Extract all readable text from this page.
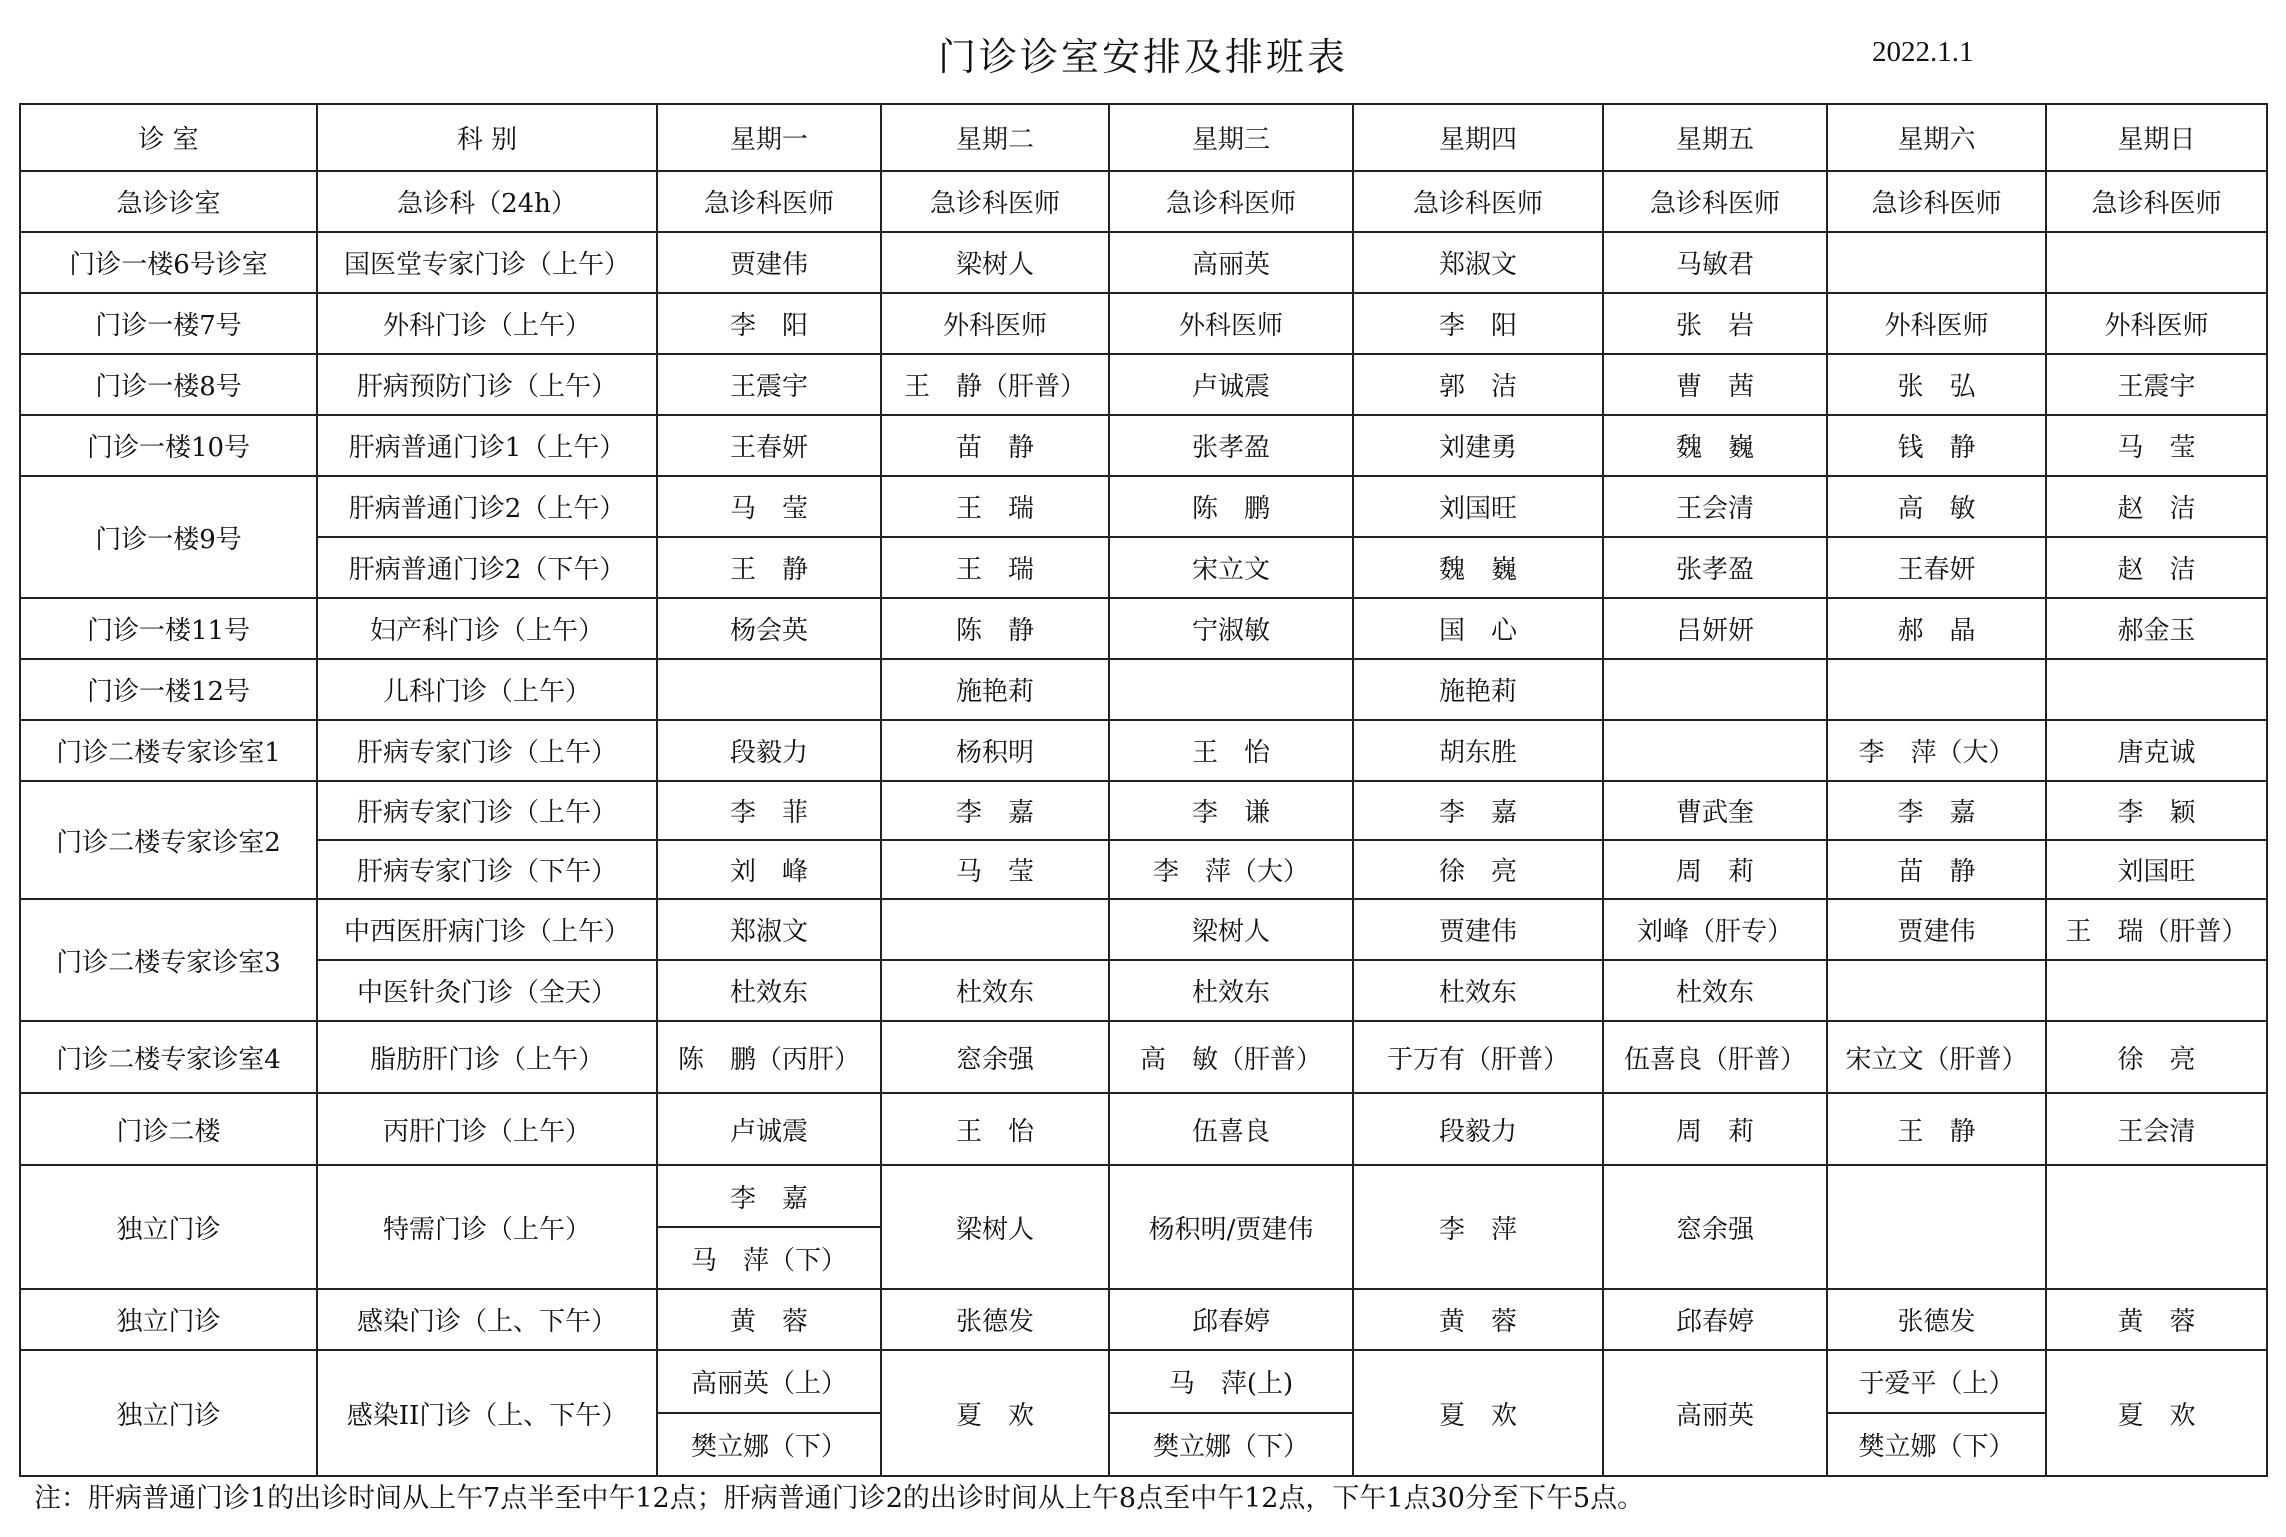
门诊诊室安排及排班表	2022.1.1
诊 室	科 别	星期一	星期二	星期三	星期四	星期五	星期六	星期日
急诊诊室	急诊科（24h）	急诊科医师	急诊科医师	急诊科医师	急诊科医师	急诊科医师	急诊科医师	急诊科医师
门诊一楼6号诊室	国医堂专家门诊（上午）	贾建伟	梁树人	高丽英	郑淑文	马敏君		
门诊一楼7号	外科门诊（上午）	李　阳	外科医师	外科医师	李　阳	张　岩	外科医师	外科医师
门诊一楼8号	肝病预防门诊（上午）	王震宇	王　静（肝普）	卢诚震	郭　洁	曹　茜	张　弘	王震宇
门诊一楼10号	肝病普通门诊1（上午）	王春妍	苗　静	张孝盈	刘建勇	魏　巍	钱　静	马　莹
门诊一楼9号	肝病普通门诊2（上午）	马　莹	王　瑞	陈　鹏	刘国旺	王会清	高　敏	赵　洁
	肝病普通门诊2（下午）	王　静	王　瑞	宋立文	魏　巍	张孝盈	王春妍	赵　洁
门诊一楼11号	妇产科门诊（上午）	杨会英	陈　静	宁淑敏	国　心	吕妍妍	郝　晶	郝金玉
门诊一楼12号	儿科门诊（上午）		施艳莉		施艳莉			
门诊二楼专家诊室1	肝病专家门诊（上午）	段毅力	杨积明	王　怡	胡东胜		李　萍（大）	唐克诚
门诊二楼专家诊室2	肝病专家门诊（上午）	李　菲	李　嘉	李　谦	李　嘉	曹武奎	李　嘉	李　颖
	肝病专家门诊（下午）	刘　峰	马　莹	李　萍（大）	徐　亮	周　莉	苗　静	刘国旺
门诊二楼专家诊室3	中西医肝病门诊（上午）	郑淑文		梁树人	贾建伟	刘峰（肝专）	贾建伟	王　瑞（肝普）
	中医针灸门诊（全天）	杜效东	杜效东	杜效东	杜效东	杜效东		
门诊二楼专家诊室4	脂肪肝门诊（上午）	陈　鹏（丙肝）	窓余强	高　敏（肝普）	于万有（肝普）	伍喜良（肝普）	宋立文（肝普）	徐　亮
门诊二楼	丙肝门诊（上午）	卢诚震	王　怡	伍喜良	段毅力	周　莉	王　静	王会清
独立门诊	特需门诊（上午）	李　嘉	梁树人	杨积明/贾建伟	李　萍	窓余强		
		马　萍（下）						
独立门诊	感染门诊（上、下午）	黄　蓉	张德发	邱春婷	黄　蓉	邱春婷	张德发	黄　蓉
独立门诊	感染II门诊（上、下午）	高丽英（上）	夏　欢	马　萍(上)	夏　欢	高丽英	于爱平（上）	夏　欢
		樊立娜（下）		樊立娜（下）			樊立娜（下）	
注：肝病普通门诊1的出诊时间从上午7点半至中午12点；肝病普通门诊2的出诊时间从上午8点至中午12点，下午1点30分至下午5点。
